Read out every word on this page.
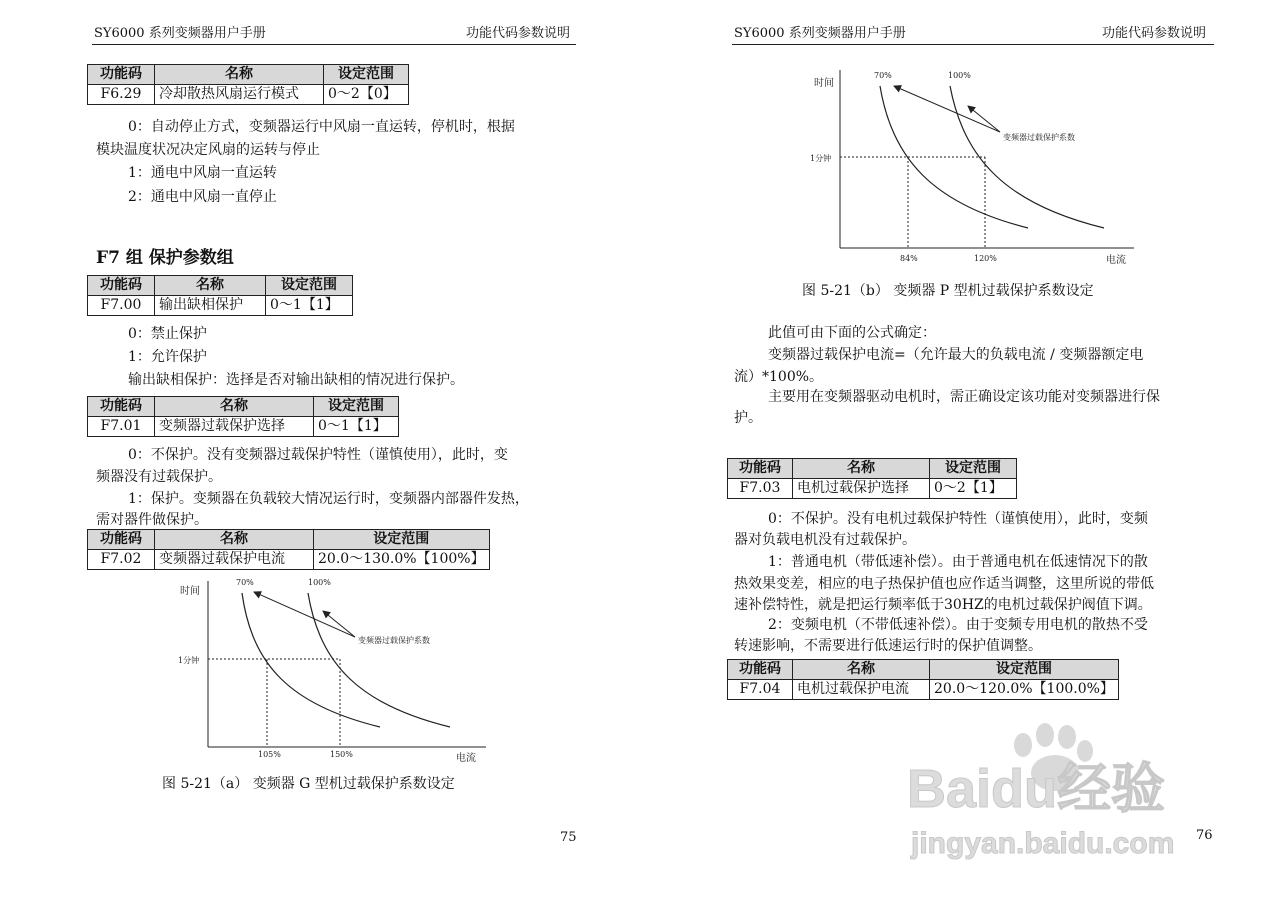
SY6000 系列变频器用户手册	功能代码参数说明
功能码	名称	设定范围
F6.29	冷却散热风扇运行模式	0～2【0】
0：自动停止方式，变频器运行中风扇一直运转，停机时，根据
模块温度状况决定风扇的运转与停止
1：通电中风扇一直运转
2：通电中风扇一直停止
F7 组 保护参数组
功能码	名称	设定范围
F7.00	输出缺相保护	0～1【1】
0：禁止保护
1：允许保护
输出缺相保护：选择是否对输出缺相的情况进行保护。
功能码	名称	设定范围
F7.01	变频器过载保护选择	0～1【1】
0：不保护。没有变频器过载保护特性（谨慎使用），此时，变
频器没有过载保护。
1：保护。变频器在负载较大情况运行时，变频器内部器件发热，
需对器件做保护。
功能码	名称	设定范围
F7.02	变频器过载保护电流	20.0～130.0%【100%】
时间
电流
70%	100%
变频器过载保护系数
1分钟
105%	150%
图 5-21（a） 变频器 G 型机过载保护系数设定
75
SY6000 系列变频器用户手册	功能代码参数说明
时间
电流
70%	100%
变频器过载保护系数
1分钟
84%	120%
图 5-21（b） 变频器 P 型机过载保护系数设定
此值可由下面的公式确定：
变频器过载保护电流=（允许最大的负载电流 / 变频器额定电
流）*100%。
主要用在变频器驱动电机时，需正确设定该功能对变频器进行保
护。
功能码	名称	设定范围
F7.03	电机过载保护选择	0～2【1】
0：不保护。没有电机过载保护特性（谨慎使用），此时，变频
器对负载电机没有过载保护。
1：普通电机（带低速补偿）。由于普通电机在低速情况下的散
热效果变差，相应的电子热保护值也应作适当调整，这里所说的带低
速补偿特性，就是把运行频率低于30HZ的电机过载保护阀值下调。
2：变频电机（不带低速补偿）。由于变频专用电机的散热不受
转速影响，不需要进行低速运行时的保护值调整。
功能码	名称	设定范围
F7.04	电机过载保护电流	20.0～120.0%【100.0%】
76
Baidu经验
jingyan.baidu.com
